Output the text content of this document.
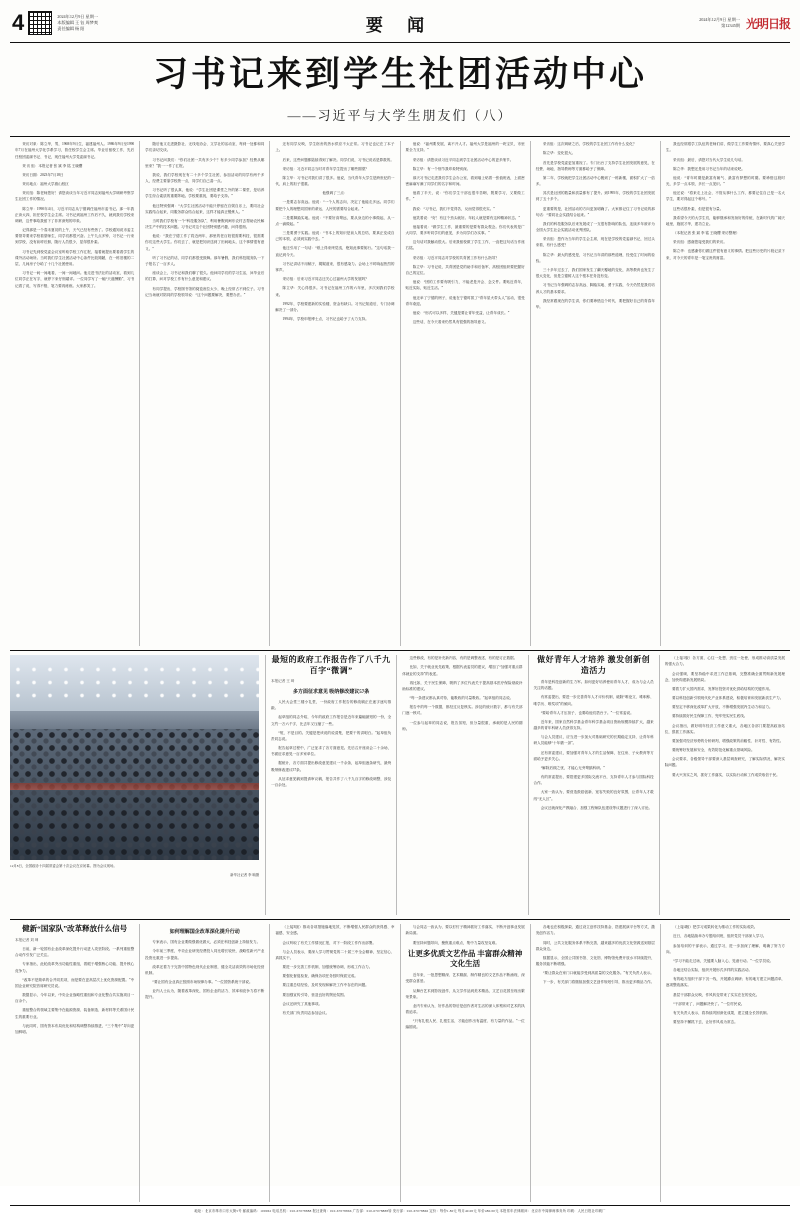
4	2024年12月9日 星期一
本版编辑 王 钰 周梦爽
责任编辑 杨 阳	要 闻	2024年12月9日 星期一
第12345期 光明日报
习书记来到学生社团活动中心
——习近平与大学生朋友们（八）

采访对象：陈立华，男，1968年9月生，福建福州人。1986年9月至1990年7月在福州大学化学系学习，曾任校学生会主席。毕业后留校工作，先后任校团委副书记、书记，现任福州大学党委副书记。

采 访 组：本报记者 张 斌 李 铭 王晓樱

采访日期：2023年7月18日

采访地点：福州大学旗山校区

采访组：陈老师您好！请您谈谈当年习近平同志到福州大学调研考察学生社团工作的情况。

陈立华：1990年4月，习近平同志从宁德调任福州市委书记。那一年我正读大四，担任校学生会主席。习书记到福州工作后不久，就到我们学校来调研，这件事给我留下了非常深刻的印象。

记得那是一个春末夏初的上午，天气已经有些热了。学校通知说市委主要领导要来学校看望师生，同学们都很兴奋。上午九点多钟，习书记一行来到学校，没有前呼后拥，随行人员很少，显得很朴素。

习书记先到校党委会议室听取学校工作汇报，接着就提出要看看学生的课外活动场所。当时我们学生社团活动中心条件比较简陋，在一栋旧楼的二层，几间房子分给了十几个社团使用。

习书记一间一间地看，一间一间地问。他走进书法社的活动室，看到几位同学正在写字，就停下来仔细端详。一位同学写了一幅“天道酬勤”，习书记看了说，写得不错，笔力要再练练。大家都笑了。

随后他又走进摄影社、无线电协会、文学社的活动室，每到一处都和同学们亲切交谈。

习书记问我们：“你们社团一共有多少个？有多少同学参加？经费从哪里来？”我一一作了汇报。

我说，我们学校现在有二十多个学生社团，参加活动的同学有两千多人，经费主要靠学校拨一点，同学们自己凑一点。

习书记听了很认真，他说：“学生社团是课堂之外的第二课堂，是培养学生综合素质的重要阵地。学校要重视，要给予支持。”

他还特别强调：“大学生社团活动不能只停留在自娱自乐上，要同社会实践结合起来，同服务群众结合起来，这样才能真正锻炼人。”

当时我们学校有一个“科技服务队”，利用暑假到闽东农村去帮助农民解决生产中的技术问题。习书记对这个社团特别感兴趣，问得很细。

他说：“我在宁德工作了将近两年，那里的老百姓很需要科技，很需要你们这些大学生。你们去了，就是把知识送到了田间地头，这个事情很有意义。”

听了习书记的话，同学们都很受鼓舞。那年暑假，我们科技服务队一下子报名了一百多人。

座谈会上，习书记和我们聊了很久。他问同学们的学习生活，问毕业后的打算，问对学校工作有什么意见和建议。

有同学提出，学校图书馆的阅览座位太少，晚上经常占不到位子。习书记当场就对陪同的学校领导说：“这个问题要解决，要想办法。”

还有同学反映，学生宿舍的热水供应不太正常。习书记也记在了本子上。

后来，这些问题都陆续得到了解决。同学们说，习书记说话是算数的。

采访组：习近平同志当时对青年学生提出了哪些期望？

陈立华：习书记对我们讲了很多。他说，当代青年大学生是跨世纪的一代，肩上的担子很重。

他强调了三点：

一是要志存高远。他说：“一个人的志向，决定了他能走多远。同学们要把个人的理想同国家的命运、人民的需要结合起来。”

二是要脚踏实地。他说：“不要好高骛远，要从身边的小事做起，从一点一滴做起。”

三是要勇于实践。他说：“书本上的知识是前人的总结，要真正变成自己的本领，必须到实践中去。”

他还引用了一句话：“纸上得来终觉浅，绝知此事要躬行。”这句话我一直记到今天。

习书记讲话不用稿子，娓娓道来，很有感染力。会场上不时响起热烈的掌声。

采访组：后来习近平同志还关心过福州大学的发展吗？

陈立华：关心得很多。习书记在福州工作的六年里，多次到我们学校来。

1992年，学校要建新的实验楼，资金有缺口。习书记知道后，专门协调解决了一部分。

1994年，学校申报博士点，习书记也给予了大力支持。

他说：“福州要发展，离不开人才。福州大学是福州的一块宝贝，市里要全力支持。”

采访组：请您谈谈习近平同志到学生社团活动中心的更多细节。

陈立华：有一个细节我印象特别深。

那天习书记走进我们学生会办公室，看到墙上贴着一张值班表，上面密密麻麻写满了同学们的名字和时间。

他看了半天，说：“你们学生干部也很辛苦啊，既要学习，又要做工作。”

我说：“习书记，我们不觉得苦，反而觉得很充实。”

他笑着说：“好！有这个劲头就好。年轻人就是要有这种精神状态。”

他接着说：“做学生工作，最重要的是要有群众观念。你们代表的是广大同学，要多听同学们的意见，多为同学们办实事。”

这句话对我触动很大。后来我留校做了学生工作，一直把这句话当作座右铭。

采访组：习近平同志对学校的共青团工作有什么指导？

陈立华：习书记说，共青团是党的助手和后备军，高校团组织要把握好自己的定位。

他说：“团的工作要有吸引力，不能老是开会、念文件。要贴近青年，贴近实际，贴近生活。”

他还举了宁德的例子，说他在宁德时抓了“青年星火带头人”活动，很受青年欢迎。

他说：“形式可以多样，关键是要让青年受益，让青年成长。”

这些话，在今天看来仍然具有很强的指导意义。

采访组：这次调研之后，学校的学生社团工作有什么变化？

陈立华：变化很大。

首先是学校党委更加重视了。专门出台了支持学生社团发展的意见，在经费、场地、指导教师等方面都给予了保障。

第二年，学校就把学生社团活动中心搬到了一栋新楼，面积扩大了一倍多。

其次是社团的数量和质量都有了提升。到1995年，学校的学生社团发展到了五十多个。

更重要的是，社团活动的方向更加明确了。大家都记住了习书记说的那句话：“要同社会实践结合起来。”

我们的科技服务队后来发展成了一支很有影响的队伍，连续多年被评为全国大学生社会实践活动优秀团队。

采访组：您作为当年的学生会主席，现在是学校的党委副书记，回过头来看，有什么感受？

陈立华：最大的感受是，习书记当年讲的那些道理，经受住了时间的检验。

三十多年过去了，我们国家发生了翻天覆地的变化，高等教育也发生了很大变化，但是立德树人这个根本任务没有变。

习书记当年强调的志存高远、脚踏实地、勇于实践，今天仍然是我们培养人才的基本要求。

我经常跟现在的学生讲，你们要珍惜这个时代，要把握好自己的青春年华。

我也经常跟学工队伍的老师们讲，做学生工作要有情怀，要真心关爱学生。

采访组：最后，请您对当代大学生说几句话。

陈立华：我想还是用习书记当年的话来说吧。

他说：“青年时期是最富有朝气、最富有梦想的时期。要珍惜这段时光，多学一点本领，多长一点见识。”

他还说：“将来走上社会，不管从事什么工作，都要记住自己是一名大学生，要对得起这个称号。”

这些话很朴素，但是很有分量。

我希望今天的大学生们，能够继承和发扬好的传统，在新时代的广阔天地里，施展才华，建功立业。

（本报记者 张 斌 李 铭 王晓樱 采访整理）

采访组：感谢您接受我们的采访。

陈立华：也感谢你们做这件很有意义的事情。把这些历史的片段记录下来，对今天的青年是一笔宝贵的财富。

12月8日，全国政协十四届常委会第十次会议在京闭幕。图为会议现场。
新华社记者 李 响摄
最短的政府工作报告作了八千九百字“微调”
本报记者 王 琦
多方面征求意见 吸纳修改建议57条

人民大会堂三楼小礼堂，一份政府工作报告的修改稿正在逐字逐句推敲。

起草组的同志介绍，今年的政府工作报告是近年来篇幅最短的一份，全文约一万六千字，比去年又压缩了一些。

“短，不是目的。关键是把该说的说清楚，把要干的讲明白。”起草组负责同志说。

报告起草过程中，广泛征求了各方面意见。先后召开座谈会二十余场，书面征求意见一百多家单位。

据统计，各方面共提出修改意见建议一千余条，起草组逐条研究，最终吸纳修改建议57条。

从征求意见稿到提请审议稿，报告共作了八千九百字的修改调整，涉及一百余处。

这些修改，有的是补充新内容，有的是调整表述，有的是订正数据。

比如，关于就业优先政策，根据代表委员的建议，增加了“加强对重点群体就业的支持”的表述。

再比如，关于民生保障，吸纳了多位代表关于提高基本医疗保险财政补助标准的建议。

“每一条建议都认真对待，能吸收的尽量吸收。”起草组的同志说。

报告中的每一个数据，都经过反复核实。涉及的统计数字，都与有关部门逐一核对。

一位参与起草的同志说，报告虽短，但分量很重，承载的是人民的期盼。

做好青年人才培养 激发创新创造活力

青年是科技创新的生力军。如何更好培养使用青年人才，成为与会人员关注的话题。

有常委提出，要进一步完善青年人才评价机制，破除“唯论文、唯职称、唯学历、唯奖项”的倾向。

“要给青年人才压担子，也要给他们搭台子。”一位常委说。

近年来，国家自然科学基金青年科学基金项目资助规模持续扩大，越来越多的青年科研人员获得支持。

与会人员建议，应当进一步加大对基础研究的长期稳定支持，让青年科研人员能够“十年磨一剑”。

还有常委建议，要加强对青年人才的生活保障，在住房、子女教育等方面给予更多关心。

“解除后顾之忧，才能心无旁骛搞科研。”

有的常委提出，要搭建更多国际交流平台，支持青年人才参与国际科技合作。

大家一致认为，要营造鼓励创新、宽容失败的良好氛围，让青年人才敢闯“无人区”。

会议还就深化产教融合、加强工程师队伍建设等议题进行了深入讨论。

（上接1版）各方面，心往一处想、劲往一处使，形成推动高质量发展的强大合力。

会议强调，要坚持稳中求进工作总基调，完整准确全面贯彻新发展理念，加快构建新发展格局。

要着力扩大国内需求，发挥好投资对优化供给结构的关键作用。

要以科技创新引领现代化产业体系建设，积极培育和发展新质生产力。

要坚定不移深化改革扩大开放，不断增强发展内生动力和活力。

要持续抓好民生保障工作，兜牢兜实民生底线。

会议指出，做好明年经济工作意义重大，各地区各部门要提高政治站位，狠抓工作落实。

要加强对经济形势的分析研判，增强政策的前瞻性、针对性、有效性。

要统筹好发展和安全，有效防范化解重点领域风险。

会议要求，各级领导干部要深入基层调查研究，了解实际情况，解决实际问题。

要大兴务实之风，抓好工作落实，以实际行动和工作成效取信于民。

健新“国家队”改革释放什么信号
本报记者 刘 坤

日前，新一轮国有企业改革深化提升行动进入攻坚阶段。一系列重组整合动作引发广泛关注。

专家指出，此轮改革突出功能性重组，着眼于增强核心功能、提升核心竞争力。

“改革不是简单的合并同类项，而是要在更高层次上优化资源配置。”中国企业研究院首席研究员说。

数据显示，今年以来，中央企业战略性重组和专业化整合共实施项目一百余个。

重组整合的领域主要集中在能源资源、装备制造、新材料等关系国计民生的重要行业。

与此同时，国有资本布局优化和结构调整持续推进，“三个集中”导向更加鲜明。

如何理解国企改革深化提升行动

专家表示，国有企业要做强做优做大，必须在科技创新上持续发力。

今年前三季度，中央企业研发经费投入同比增长较快，战略性新兴产业投资比重进一步提高。

改革还着力于完善中国特色现代企业制度，健全灵活高效的市场化经营机制。

“要让国有企业真正按照市场规律办事。”一位国资系统干部说。

业内人士认为，随着改革深化，国有企业的活力、效率和竞争力将不断提升。

（上接3版）推动各项措施落地见效，不断增强人民群众的获得感、幸福感、安全感。

会议听取了有关工作情况汇报，对下一阶段工作作出部署。

与会人员表示，要深入学习贯彻党的二十届三中全会精神，坚定信心、真抓实干。

要进一步完善工作机制，加强统筹协调，形成工作合力。

要强化督促检查，确保各项任务按时保质完成。

要注重总结经验，及时发现和解决工作中存在的问题。

要加强宣传引导，营造良好的舆论氛围。

会议还研究了其他事项。

有关部门负责同志参加会议。

与会同志一致认为，要以钉钉子精神抓好工作落实，不断开创事业发展新局面。

要坚持问题导向，聚焦重点难点，集中力量攻坚克难。

让更多优质文艺作品 丰富群众精神文化生活

近年来，一批思想精深、艺术精湛、制作精良的文艺作品不断涌现，深受群众喜爱。

从舞台艺术到影视创作，从文学作品到美术精品，文艺百花园呈现出繁荣景象。

业内专家认为，好作品的背后是创作者对生活的深入体察和对艺术的执着追求。

“只有扎根人民、扎根生活，才能创作出有温度、有力量的作品。”一位编剧说。

各地也在积极探索，通过设立创作扶持基金、搭建展演平台等方式，激发创作活力。

同时，公共文化服务体系不断完善，越来越多的优质文化资源送到基层群众身边。

数据显示，全国公共图书馆、文化馆、博物馆免费开放水平持续提升，服务效能不断增强。

“要让群众在家门口就能享受到高质量的文化服务。”有关负责人表示。

下一步，有关部门将继续加强文艺创作规划引导，推出更多精品力作。

（上接4版）把学习成果转化为推动工作的实际成效。

近日，各地陆续举办专题培训班，组织党员干部深入学习。

参加培训的干部表示，通过学习，进一步加深了理解，明确了努力方向。

“学习不能走过场，关键要入脑入心，见诸行动。”一位学员说。

各地还结合实际，组织开展形式多样的实践活动。

有的地方组织干部下沉一线，开展蹲点调研；有的地方建立问题清单，逐项整改落实。

基层干部群众反映，作风转变带来了实实在在的变化。

“干部常来了，问题解决快了。”一位村民说。

有关负责人表示，将持续巩固深化成果，建立健全长效机制。

要坚持不懈抓下去，让好作风成为常态。

地址：北京市珠市口东大街5号 邮政编码：100062 电话总机：010-67078888 报社查询：010-67078866 广告部：010-67078888转 发行部：010-67078866 定价：每份1.80元 每月40.00元 年价480.00元 本报常年法律顾问：北京市中闻律师事务所 印刷：人民日报社印刷厂
